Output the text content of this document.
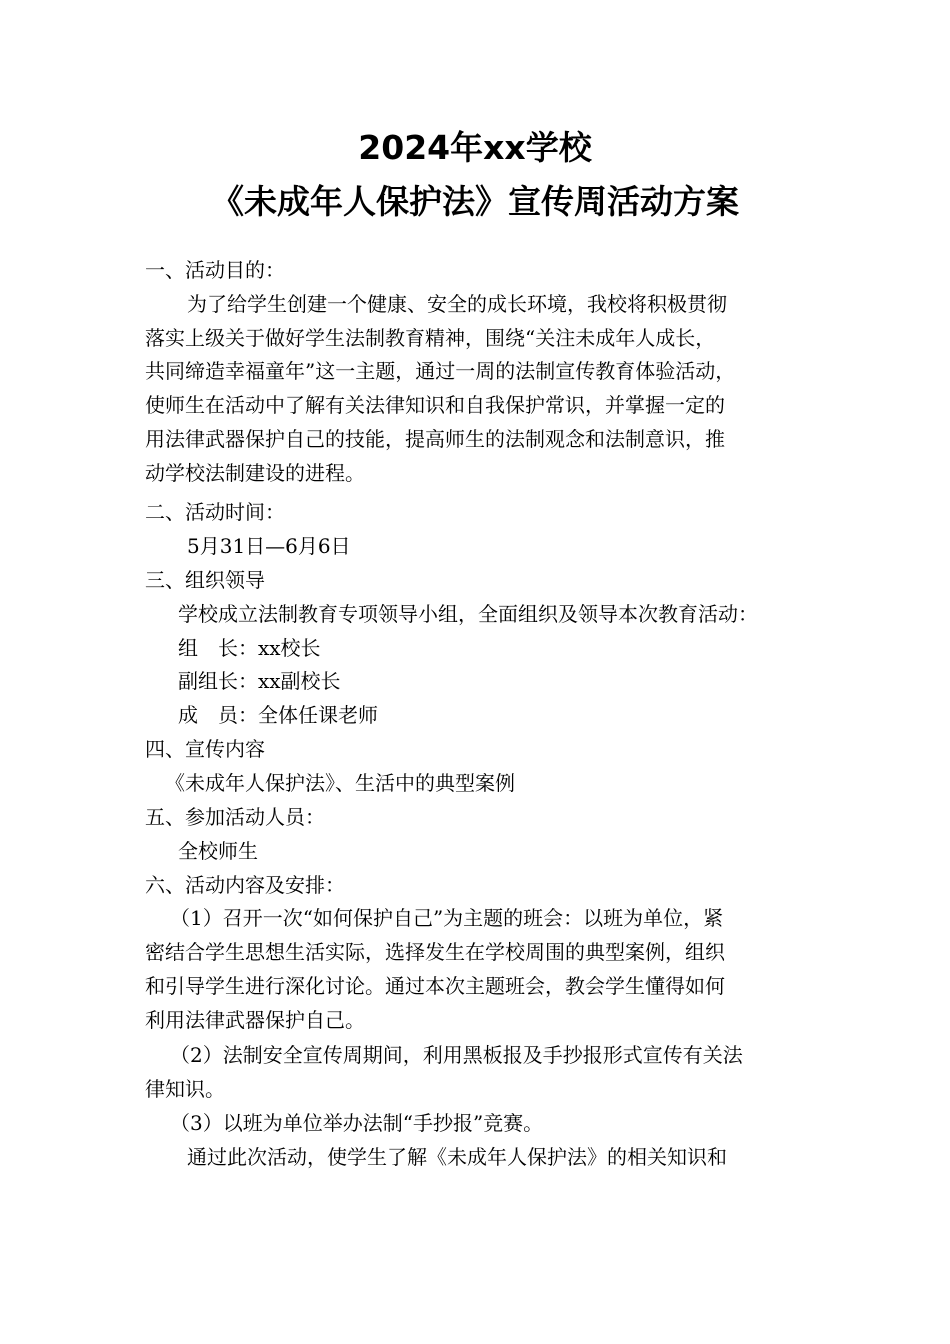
2024年xx学校
《未成年人保护法》宣传周活动方案
一、活动目的：
为了给学生创建一个健康、安全的成长环境，我校将积极贯彻
落实上级关于做好学生法制教育精神，围绕“关注未成年人成长，
共同缔造幸福童年”这一主题，通过一周的法制宣传教育体验活动，
使师生在活动中了解有关法律知识和自我保护常识，并掌握一定的
用法律武器保护自己的技能，提高师生的法制观念和法制意识，推
动学校法制建设的进程。
二、活动时间：
5月31日—6月6日
三、组织领导
学校成立法制教育专项领导小组，全面组织及领导本次教育活动：
组　长：xx校长
副组长：xx副校长
成　员：全体任课老师
四、宣传内容
《未成年人保护法》、生活中的典型案例
五、参加活动人员：
全校师生
六、活动内容及安排：
（1）召开一次“如何保护自己”为主题的班会：以班为单位，紧
密结合学生思想生活实际，选择发生在学校周围的典型案例，组织
和引导学生进行深化讨论。通过本次主题班会，教会学生懂得如何
利用法律武器保护自己。
（2）法制安全宣传周期间，利用黑板报及手抄报形式宣传有关法
律知识。
（3）以班为单位举办法制“手抄报”竞赛。
通过此次活动，使学生了解《未成年人保护法》的相关知识和
